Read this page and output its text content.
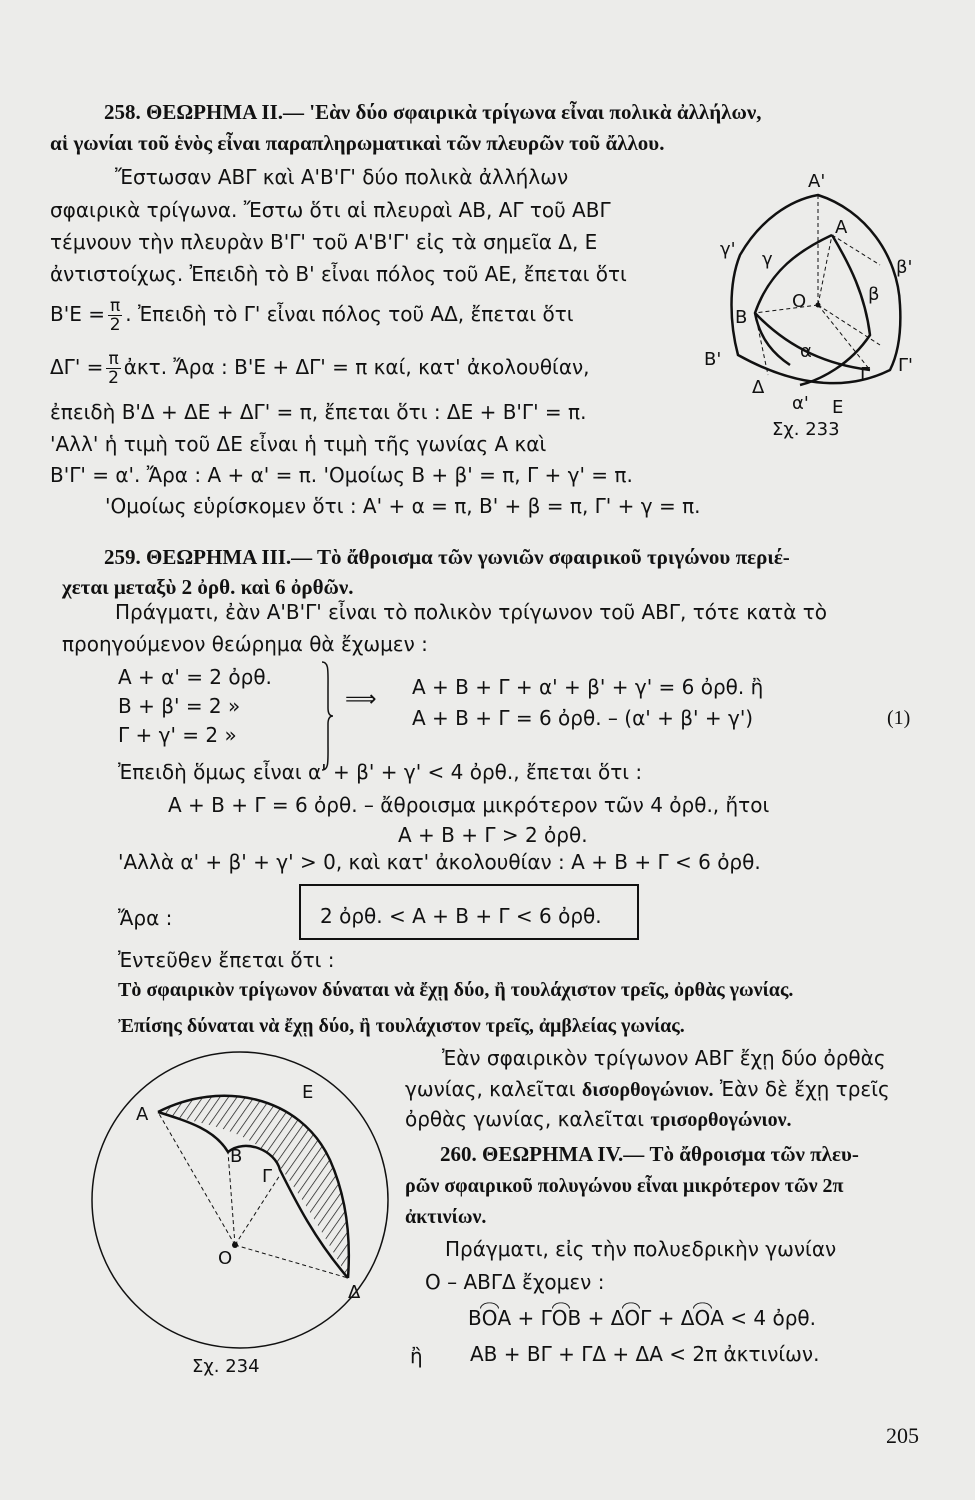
258. ΘΕΩΡΗΜΑ ΙΙ.— 'Εὰν δύο σφαιρικὰ τρίγωνα εἶναι πολικὰ ἀλλήλων,
αἱ γωνίαι τοῦ ἑνὸς εἶναι παραπληρωματικαὶ τῶν πλευρῶν τοῦ ἄλλου.
Ἔστωσαν ΑΒΓ καὶ Α'Β'Γ' δύο πολικὰ ἀλλήλων
σφαιρικὰ τρίγωνα. Ἔστω ὅτι αἱ πλευραὶ ΑΒ, ΑΓ τοῦ ΑΒΓ
τέμνουν τὴν πλευρὰν Β'Γ' τοῦ Α'Β'Γ' εἰς τὰ σημεῖα Δ, Ε
ἀντιστοίχως. Ἐπειδὴ τὸ Β' εἶναι πόλος τοῦ ΑΕ, ἔπεται ὅτι
$B'E = \frac{\pi}{2}$ . Ἐπειδὴ τὸ Γ' εἶναι πόλος τοῦ ΑΔ, ἔπεται ὅτι
$\Delta\Gamma' = \frac{\pi}{2}$ ἀκτ. Ἄρα : Β'Ε + ΔΓ' = π καί, κατ' ἀκολουθίαν,
ἐπειδὴ Β'Δ + ΔΕ + ΔΓ' = π, ἔπεται ὅτι : ΔΕ + Β'Γ' = π.
'Αλλ' ἡ τιμὴ τοῦ ΔΕ εἶναι ἡ τιμὴ τῆς γωνίας Α καὶ
Β'Γ' = α'. Ἄρα : Α + α' = π. 'Ομοίως Β + β' = π, Γ + γ' = π.
'Ομοίως εὑρίσκομεν ὅτι : Α' + α = π, Β' + β = π, Γ' + γ = π.
Α'
Α
γ' γ	β'
β
Ο
Β
Β'	α
Γ Γ'
Δ
α' Ε
Σχ. 233
259. ΘΕΩΡΗΜΑ ΙΙΙ.— Τὸ ἄθροισμα τῶν γωνιῶν σφαιρικοῦ τριγώνου περιέ-
χεται μεταξὺ 2 ὀρθ. καὶ 6 ὀρθῶν.
Πράγματι, ἐὰν Α'Β'Γ' εἶναι τὸ πολικὸν τρίγωνον τοῦ ΑΒΓ, τότε κατὰ τὸ
προηγούμενον θεώρημα θὰ ἔχωμεν :
Α + α' = 2 ὀρθ.
Β + β' = 2 »
Γ + γ' = 2 »
⟹ Α + Β + Γ + α' + β' + γ' = 6 ὀρθ. ἢ
Α + Β + Γ = 6 ὀρθ. – (α' + β' + γ')	(1)
Ἐπειδὴ ὅμως εἶναι α' + β' + γ' < 4 ὀρθ., ἔπεται ὅτι :
Α + Β + Γ = 6 ὀρθ. – ἄθροισμα μικρότερον τῶν 4 ὀρθ., ἤτοι
Α + Β + Γ > 2 ὀρθ.
'Αλλὰ α' + β' + γ' > 0, καὶ κατ' ἀκολουθίαν : Α + Β + Γ < 6 ὀρθ.
Ἄρα :	2 ὀρθ. < Α + Β + Γ < 6 ὀρθ.
Ἐντεῦθεν ἔπεται ὅτι :
Τὸ σφαιρικὸν τρίγωνον δύναται νὰ ἔχῃ δύο, ἢ τουλάχιστον τρεῖς, ὀρθὰς γωνίας.
Ἐπίσης δύναται νὰ ἔχῃ δύο, ἢ τουλάχιστον τρεῖς, ἀμβλείας γωνίας.
Ἐὰν σφαιρικὸν τρίγωνον ΑΒΓ ἔχῃ δύο ὀρθὰς
γωνίας, καλεῖται δισορθογώνιον. Ἐὰν δὲ ἔχῃ τρεῖς
ὀρθὰς γωνίας, καλεῖται τρισορθογώνιον.
Α
Ε
Β
Γ
Ο
Δ
Σχ. 234
260. ΘΕΩΡΗΜΑ ΙV.— Τὸ ἄθροισμα τῶν πλευ-
ρῶν σφαιρικοῦ πολυγώνου εἶναι μικρότερον τῶν 2π
ἀκτινίων.
Πράγματι, εἰς τὴν πολυεδρικὴν γωνίαν
Ο – ΑΒΓΔ ἔχομεν :
ΒΟΑ + ΓΟΒ + ΔΟΓ + ΔΟΑ < 4 ὀρθ.
ἢ ΑΒ + ΒΓ + ΓΔ + ΔΑ < 2π ἀκτινίων.
205
